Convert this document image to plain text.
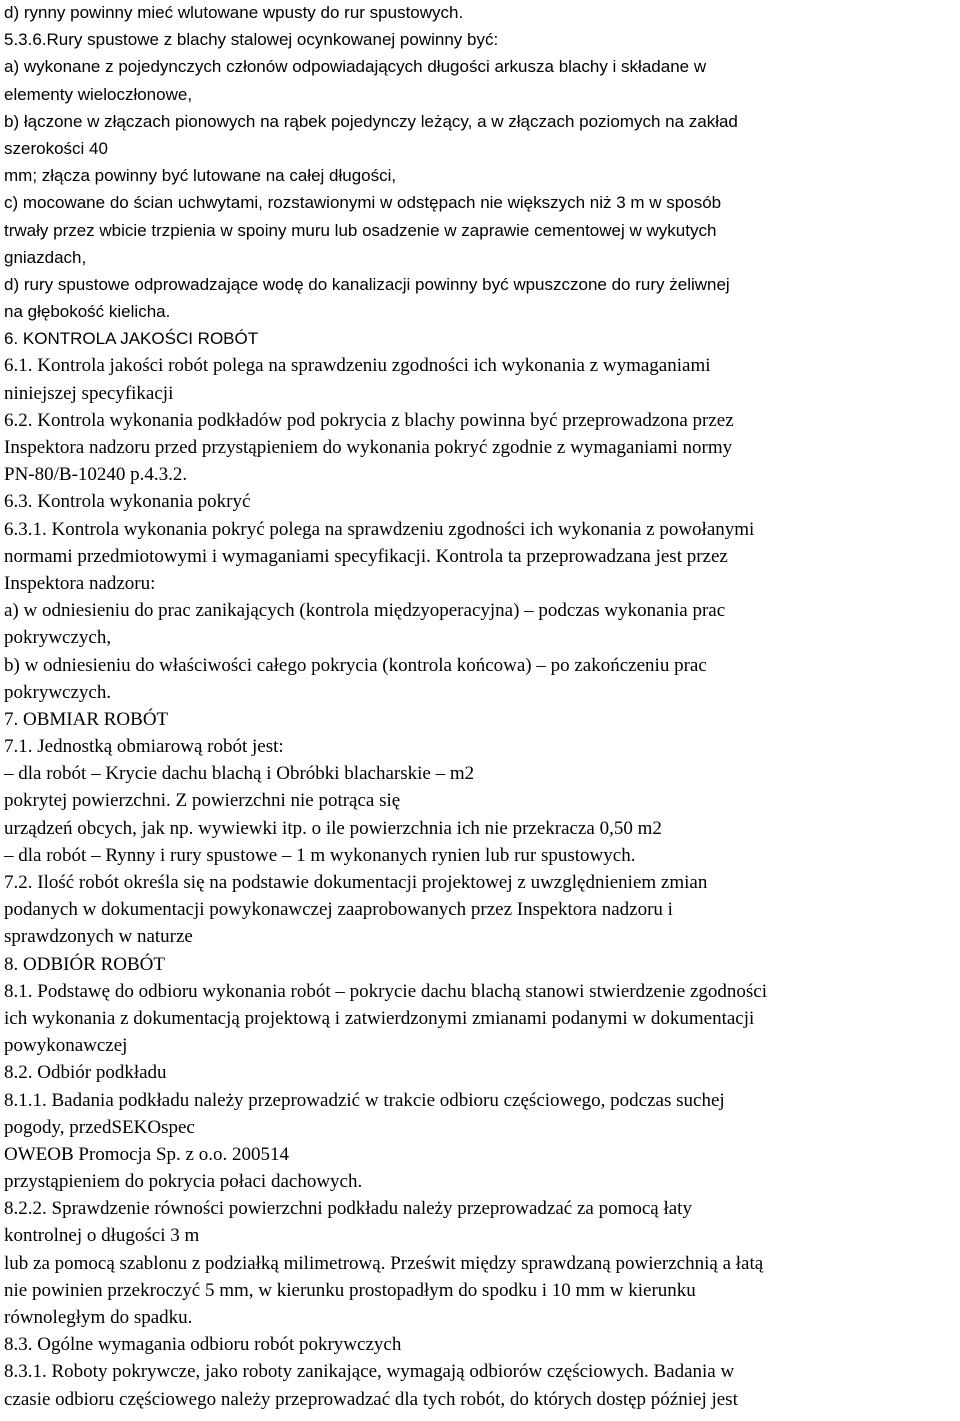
d) rynny powinny mieć wlutowane wpusty do rur spustowych.
5.3.6.Rury spustowe z blachy stalowej ocynkowanej powinny być:
a) wykonane z pojedynczych członów odpowiadających długości arkusza blachy i składane w
elementy wieloczłonowe,
b) łączone w złączach pionowych na rąbek pojedynczy leżący, a w złączach poziomych na zakład
szerokości 40
mm; złącza powinny być lutowane na całej długości,
c) mocowane do ścian uchwytami, rozstawionymi w odstępach nie większych niż 3 m w sposób
trwały przez wbicie trzpienia w spoiny muru lub osadzenie w zaprawie cementowej w wykutych
gniazdach,
d) rury spustowe odprowadzające wodę do kanalizacji powinny być wpuszczone do rury żeliwnej
na głębokość kielicha.
6. KONTROLA JAKOŚCI ROBÓT
6.1. Kontrola jakości robót polega na sprawdzeniu zgodności ich wykonania z wymaganiami
niniejszej specyfikacji
6.2. Kontrola wykonania podkładów pod pokrycia z blachy powinna być przeprowadzona przez
Inspektora nadzoru przed przystąpieniem do wykonania pokryć zgodnie z wymaganiami normy
PN-80/B-10240 p.4.3.2.
6.3. Kontrola wykonania pokryć
6.3.1. Kontrola wykonania pokryć polega na sprawdzeniu zgodności ich wykonania z powołanymi
normami przedmiotowymi i wymaganiami specyfikacji. Kontrola ta przeprowadzana jest przez
Inspektora nadzoru:
a) w odniesieniu do prac zanikających (kontrola międzyoperacyjna) – podczas wykonania prac
pokrywczych,
b) w odniesieniu do właściwości całego pokrycia (kontrola końcowa) – po zakończeniu prac
pokrywczych.
7. OBMIAR ROBÓT
7.1. Jednostką obmiarową robót jest:
– dla robót – Krycie dachu blachą i Obróbki blacharskie – m2
pokrytej powierzchni. Z powierzchni nie potrąca się
urządzeń obcych, jak np. wywiewki itp. o ile powierzchnia ich nie przekracza 0,50 m2
– dla robót – Rynny i rury spustowe – 1 m wykonanych rynien lub rur spustowych.
7.2. Ilość robót określa się na podstawie dokumentacji projektowej z uwzględnieniem zmian
podanych w dokumentacji powykonawczej zaaprobowanych przez Inspektora nadzoru i
sprawdzonych w naturze
8. ODBIÓR ROBÓT
8.1. Podstawę do odbioru wykonania robót – pokrycie dachu blachą stanowi stwierdzenie zgodności
ich wykonania z dokumentacją projektową i zatwierdzonymi zmianami podanymi w dokumentacji
powykonawczej
8.2. Odbiór podkładu
8.1.1. Badania podkładu należy przeprowadzić w trakcie odbioru częściowego, podczas suchej
pogody, przedSEKOspec
OWEOB Promocja Sp. z o.o. 200514
przystąpieniem do pokrycia połaci dachowych.
8.2.2. Sprawdzenie równości powierzchni podkładu należy przeprowadzać za pomocą łaty
kontrolnej o długości 3 m
lub za pomocą szablonu z podziałką milimetrową. Prześwit między sprawdzaną powierzchnią a łatą
nie powinien przekroczyć 5 mm, w kierunku prostopadłym do spodku i 10 mm w kierunku
równoległym do spadku.
8.3. Ogólne wymagania odbioru robót pokrywczych
8.3.1. Roboty pokrywcze, jako roboty zanikające, wymagają odbiorów częściowych. Badania w
czasie odbioru częściowego należy przeprowadzać dla tych robót, do których dostęp później jest
